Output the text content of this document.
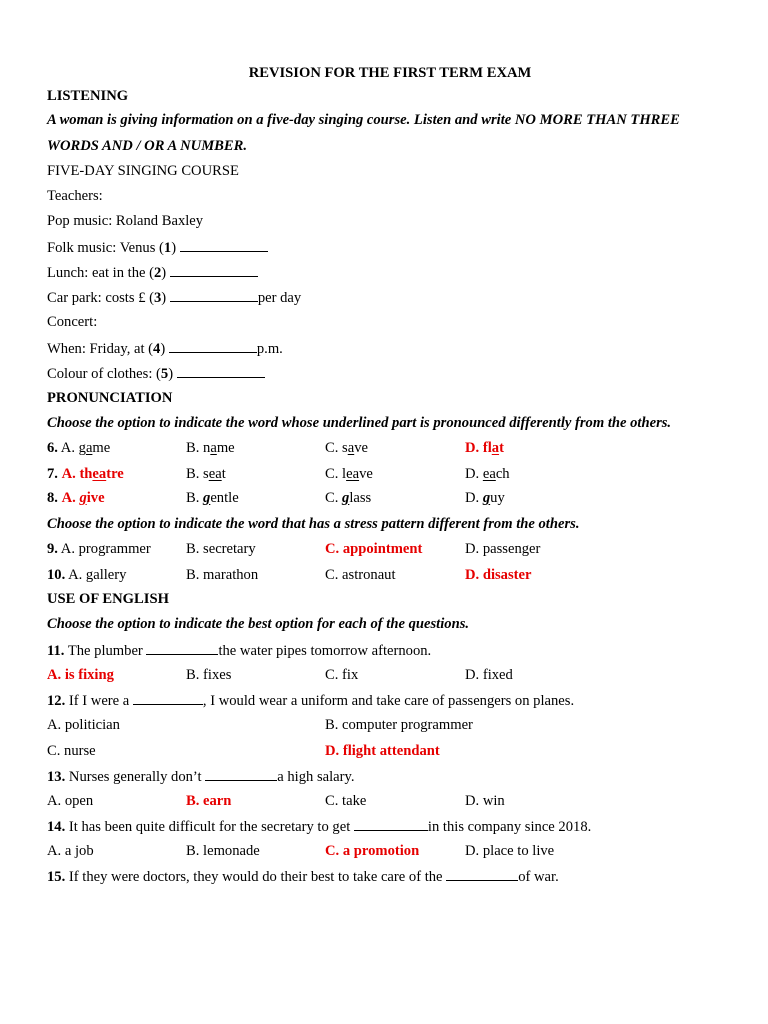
REVISION FOR THE FIRST TERM EXAM
LISTENING
A woman is giving information on a five-day singing course. Listen and write NO MORE THAN THREE
WORDS AND / OR A NUMBER.
FIVE-DAY SINGING COURSE
Teachers:
Pop music: Roland Baxley
Folk music: Venus (1)
Lunch: eat in the (2)
Car park: costs £ (3)	per day
Concert:
When: Friday, at (4)	p.m.
Colour of clothes: (5)
PRONUNCIATION
Choose the option to indicate the word whose underlined part is pronounced differently from the others.
6. A. game	B. name	C. save	D. flat
7. A. theatre	B. seat	C. leave	D. each
8. A. give	B. gentle	C. glass	D. guy
Choose the option to indicate the word that has a stress pattern different from the others.
9. A. programmer B. secretary	C. appointment	D. passenger
10. A. gallery	B. marathon	C. astronaut	D. disaster
USE OF ENGLISH
Choose the option to indicate the best option for each of the questions.
11. The plumber	the water pipes tomorrow afternoon.
A. is fixing	B. fixes	C. fix	D. fixed
12. If I were a	, I would wear a uniform and take care of passengers on planes.
A. politician	B. computer programmer
C. nurse	D. flight attendant
13. Nurses generally don’t	a high salary.
A. open	B. earn	C. take	D. win
14. It has been quite difficult for the secretary to get	in this company since 2018.
A. a job	B. lemonade	C. a promotion	D. place to live
15. If they were doctors, they would do their best to take care of the	of war.
